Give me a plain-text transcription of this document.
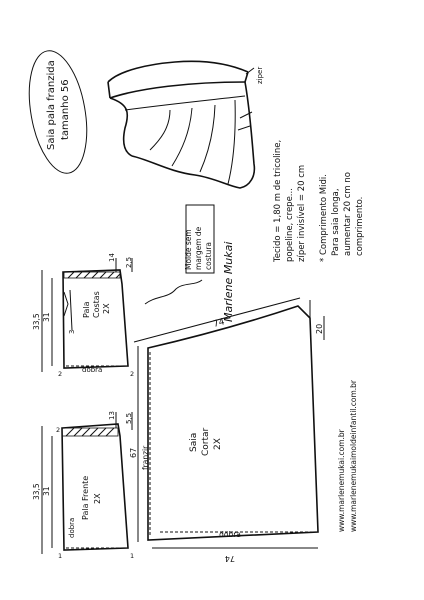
Saia pala franzida tamanho 56
ziper
Molde sem margem de costura Marlene Mukai
Tecido = 1,80 m de tricoline, popeline, crepe... zíper invisível = 20 cm * Comprimento Midi. Para saia longa, aumentar 20 cm no comprimento.
33,5 31
2,5
14
3
2	2
dobra
Pala Costas 2X
33,5 31
5,5
13
2
1	1
dobra
Pala Frente 2X
74	20
67
74
franzir
dobra
Saia Cortar 2X	www.marlenemukai.com.br www.marlenemukaimoldeinfantil.com.br
